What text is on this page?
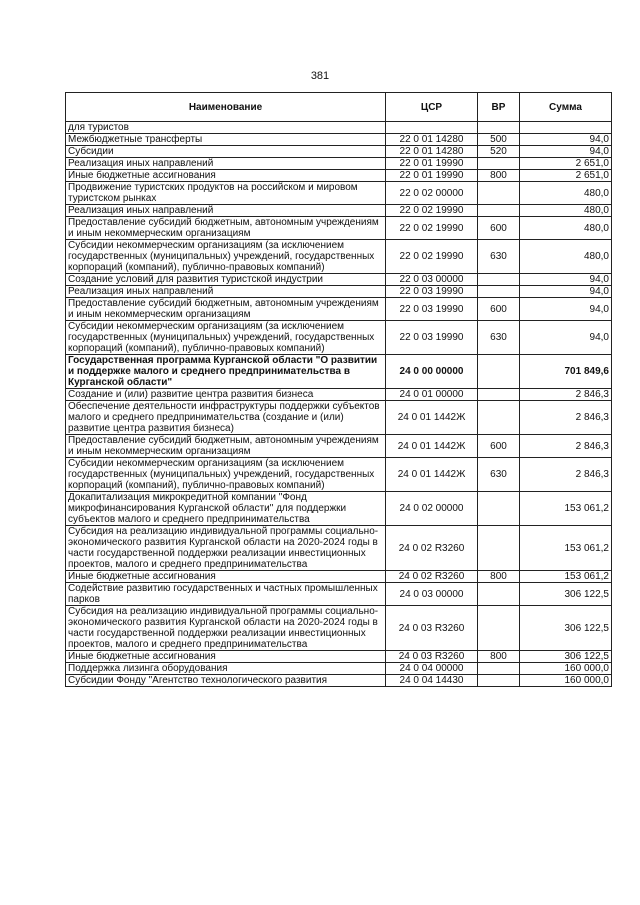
381
Наименование	ЦСР	ВР	Сумма
для туристов			
Межбюджетные трансферты	22 0 01 14280	500	94,0
Субсидии	22 0 01 14280	520	94,0
Реализация иных направлений	22 0 01 19990		2 651,0
Иные бюджетные ассигнования	22 0 01 19990	800	2 651,0
Продвижение туристских продуктов на российском и мировом туристском рынках	22 0 02 00000		480,0
Реализация иных направлений	22 0 02 19990		480,0
Предоставление субсидий бюджетным, автономным учреждениям и иным некоммерческим организациям	22 0 02 19990	600	480,0
Субсидии некоммерческим организациям (за исключением государственных (муниципальных) учреждений, государственных корпораций (компаний), публично-правовых компаний)	22 0 02 19990	630	480,0
Создание условий для развития туристской индустрии	22 0 03 00000		94,0
Реализация иных направлений	22 0 03 19990		94,0
Предоставление субсидий бюджетным, автономным учреждениям и иным некоммерческим организациям	22 0 03 19990	600	94,0
Субсидии некоммерческим организациям (за исключением государственных (муниципальных) учреждений, государственных корпораций (компаний), публично-правовых компаний)	22 0 03 19990	630	94,0
Государственная программа Курганской области "О развитии и поддержке малого и среднего предпринимательства в Курганской области"	24 0 00 00000		701 849,6
Создание и (или) развитие центра развития бизнеса	24 0 01 00000		2 846,3
Обеспечение деятельности инфраструктуры поддержки субъектов малого и среднего предпринимательства (создание и (или) развитие центра развития бизнеса)	24 0 01 1442Ж		2 846,3
Предоставление субсидий бюджетным, автономным учреждениям и иным некоммерческим организациям	24 0 01 1442Ж	600	2 846,3
Субсидии некоммерческим организациям (за исключением государственных (муниципальных) учреждений, государственных корпораций (компаний), публично-правовых компаний)	24 0 01 1442Ж	630	2 846,3
Докапитализация микрокредитной компании "Фонд микрофинансирования Курганской области" для поддержки субъектов малого и среднего предпринимательства	24 0 02 00000		153 061,2
Субсидия на реализацию индивидуальной программы социально-экономического развития Курганской области на 2020-2024 годы в части государственной поддержки реализации инвестиционных проектов, малого и среднего предпринимательства	24 0 02 R3260		153 061,2
Иные бюджетные ассигнования	24 0 02 R3260	800	153 061,2
Содействие развитию государственных и частных промышленных парков	24 0 03 00000		306 122,5
Субсидия на реализацию индивидуальной программы социально-экономического развития Курганской области на 2020-2024 годы в части государственной поддержки реализации инвестиционных проектов, малого и среднего предпринимательства	24 0 03 R3260		306 122,5
Иные бюджетные ассигнования	24 0 03 R3260	800	306 122,5
Поддержка лизинга оборудования	24 0 04 00000		160 000,0
Субсидии Фонду "Агентство технологического развития	24 0 04 14430		160 000,0
